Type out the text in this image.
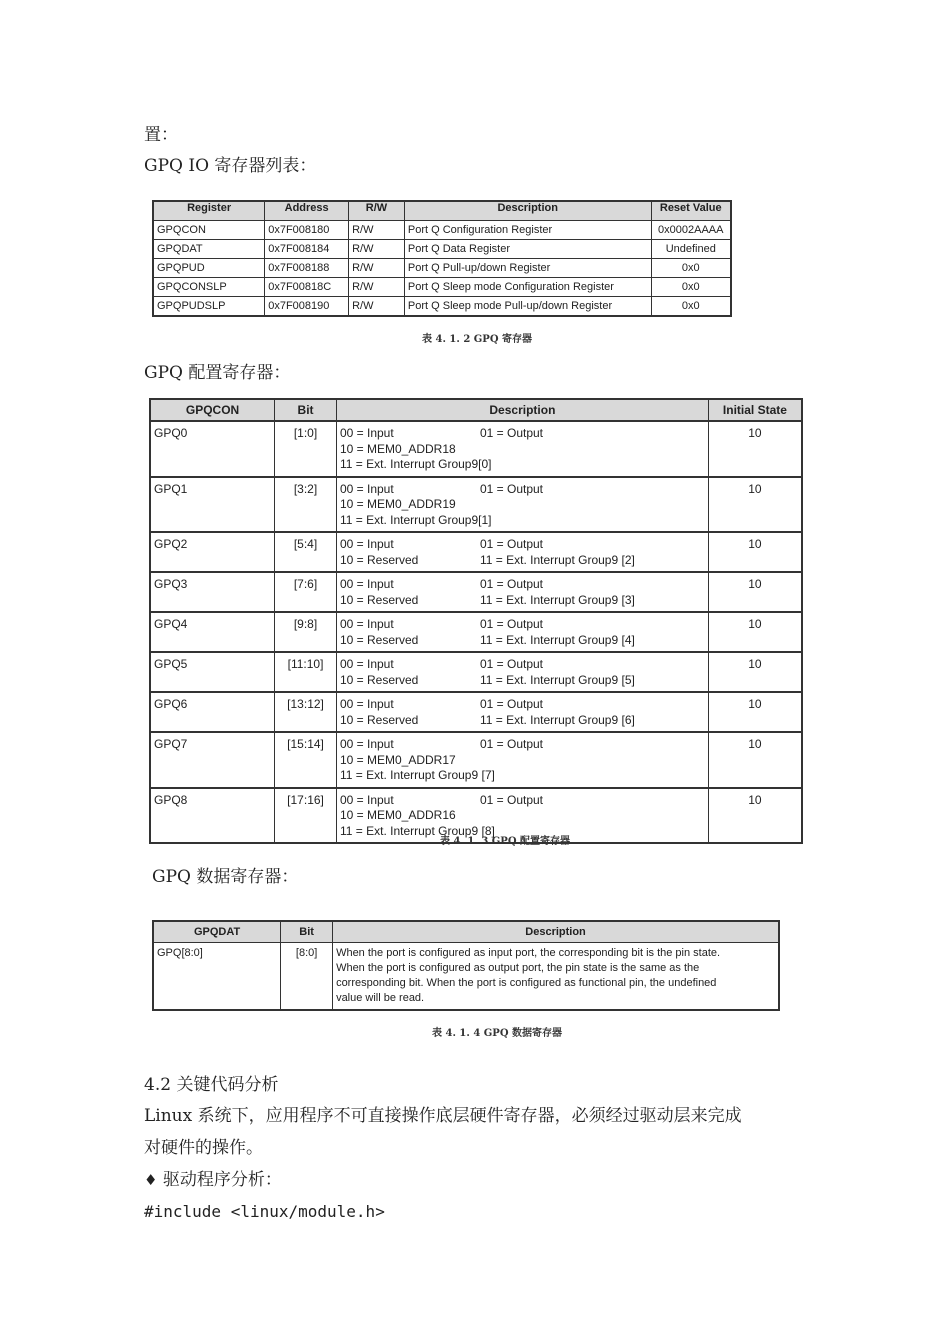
置：
GPQ IO 寄存器列表：
Register	Address	R/W	Description	Reset Value
GPQCON	0x7F008180	R/W	Port Q Configuration Register	0x0002AAAA
GPQDAT	0x7F008184	R/W	Port Q Data Register	Undefined
GPQPUD	0x7F008188	R/W	Port Q Pull-up/down Register	0x0
GPQCONSLP	0x7F00818C	R/W	Port Q Sleep mode Configuration Register	0x0
GPQPUDSLP	0x7F008190	R/W	Port Q Sleep mode Pull-up/down Register	0x0
表 4. 1. 2 GPQ 寄存器
GPQ 配置寄存器：
GPQCON	Bit	Description	Initial State
GPQ0	[1:0]	00 = Input 01 = Output
10 = MEM0_ADDR18
11 = Ext. Interrupt Group9[0]	10
GPQ1	[3:2]	00 = Input 01 = Output
10 = MEM0_ADDR19
11 = Ext. Interrupt Group9[1]	10
GPQ2	[5:4]	00 = Input 01 = Output
10 = Reserved 11 = Ext. Interrupt Group9 [2]	10
GPQ3	[7:6]	00 = Input 01 = Output
10 = Reserved 11 = Ext. Interrupt Group9 [3]	10
GPQ4	[9:8]	00 = Input 01 = Output
10 = Reserved 11 = Ext. Interrupt Group9 [4]	10
GPQ5	[11:10]	00 = Input 01 = Output
10 = Reserved 11 = Ext. Interrupt Group9 [5]	10
GPQ6	[13:12]	00 = Input 01 = Output
10 = Reserved 11 = Ext. Interrupt Group9 [6]	10
GPQ7	[15:14]	00 = Input 01 = Output
10 = MEM0_ADDR17
11 = Ext. Interrupt Group9 [7]	10
GPQ8	[17:16]	00 = Input 01 = Output
10 = MEM0_ADDR16
11 = Ext. Interrupt Group9 [8]	10
表 4. 1. 3 GPQ 配置寄存器
GPQ 数据寄存器：
GPQDAT	Bit	Description
GPQ[8:0]	[8:0]	When the port is configured as input port, the corresponding bit is the pin state.
When the port is configured as output port, the pin state is the same as the
corresponding bit. When the port is configured as functional pin, the undefined
value will be read.
表 4. 1. 4 GPQ 数据寄存器
4.2 关键代码分析
Linux 系统下，应用程序不可直接操作底层硬件寄存器，必须经过驱动层来完成
对硬件的操作。
♦ 驱动程序分析：
#include <linux/module.h>
